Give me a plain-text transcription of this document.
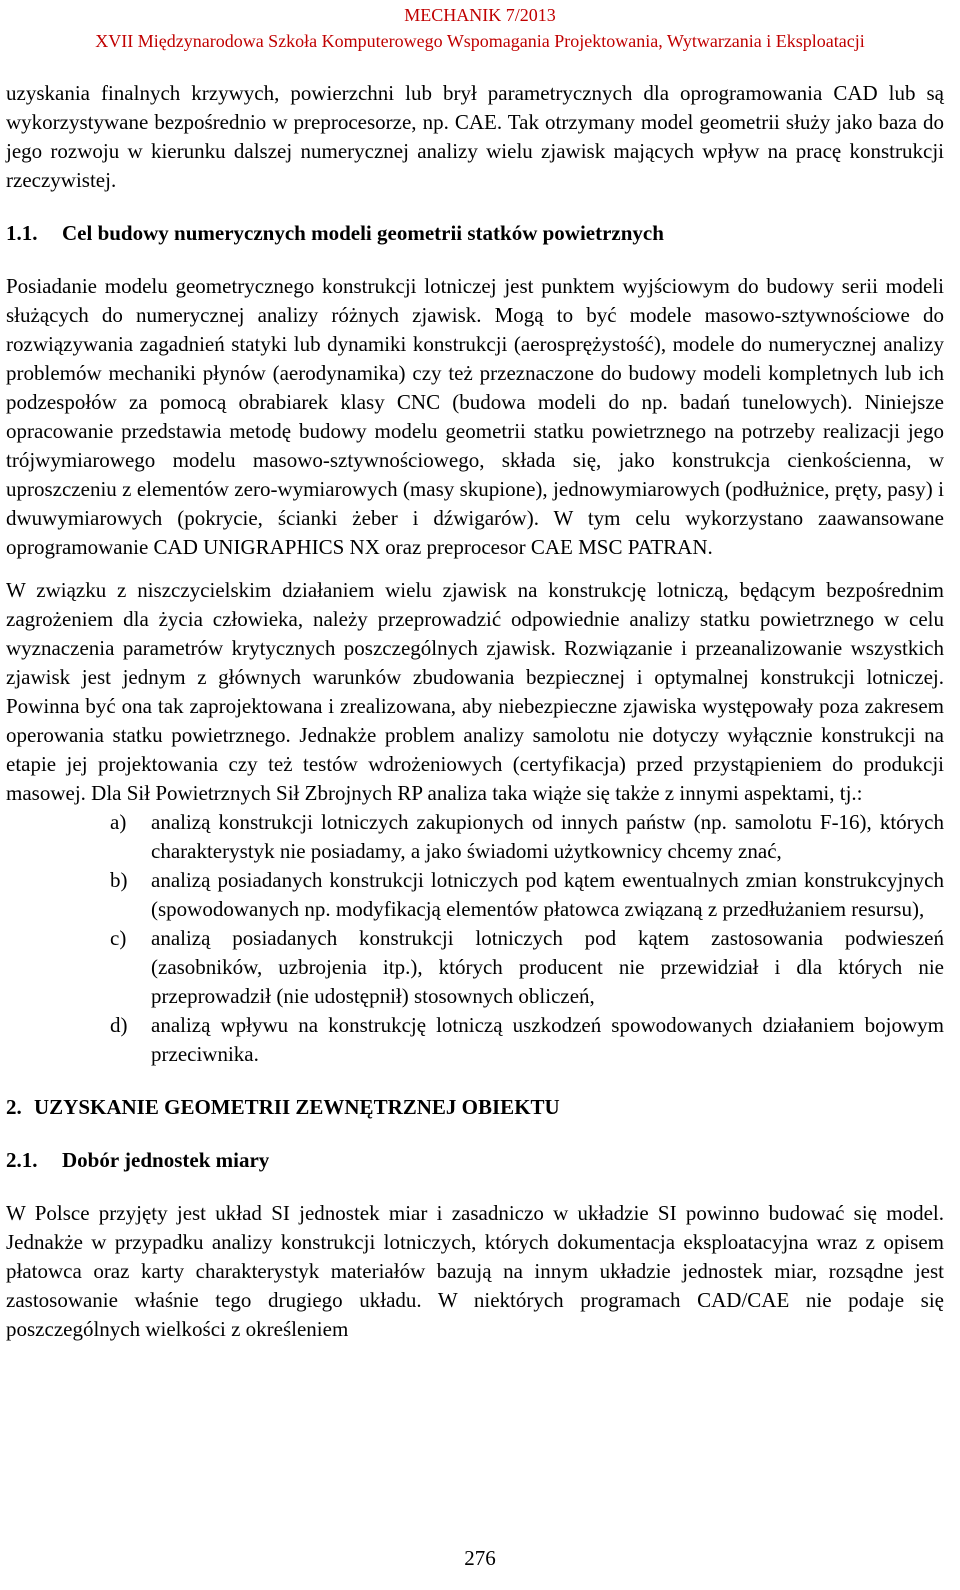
MECHANIK 7/2013
XVII Międzynarodowa Szkoła Komputerowego Wspomagania Projektowania, Wytwarzania i Eksploatacji

uzyskania finalnych krzywych, powierzchni lub brył parametrycznych dla oprogramowania CAD lub są wykorzystywane bezpośrednio w preprocesorze, np. CAE. Tak otrzymany model geometrii służy jako baza do jego rozwoju w kierunku dalszej numerycznej analizy wielu zjawisk mających wpływ na pracę konstrukcji rzeczywistej.

1.1. Cel budowy numerycznych modeli geometrii statków powietrznych

Posiadanie modelu geometrycznego konstrukcji lotniczej jest punktem wyjściowym do budowy serii modeli służących do numerycznej analizy różnych zjawisk. Mogą to być modele masowo-sztywnościowe do rozwiązywania zagadnień statyki lub dynamiki konstrukcji (aerosprężystość), modele do numerycznej analizy problemów mechaniki płynów (aerodynamika) czy też przeznaczone do budowy modeli kompletnych lub ich podzespołów za pomocą obrabiarek klasy CNC (budowa modeli do np. badań tunelowych). Niniejsze opracowanie przedstawia metodę budowy modelu geometrii statku powietrznego na potrzeby realizacji jego trójwymiarowego modelu masowo-sztywnościowego, składa się, jako konstrukcja cienkościenna, w uproszczeniu z elementów zero-wymiarowych (masy skupione), jednowymiarowych (podłużnice, pręty, pasy) i dwuwymiarowych (pokrycie, ścianki żeber i dźwigarów). W tym celu wykorzystano zaawansowane oprogramowanie CAD UNIGRAPHICS NX oraz preprocesor CAE MSC PATRAN.

W związku z niszczycielskim działaniem wielu zjawisk na konstrukcję lotniczą, będącym bezpośrednim zagrożeniem dla życia człowieka, należy przeprowadzić odpowiednie analizy statku powietrznego w celu wyznaczenia parametrów krytycznych poszczególnych zjawisk. Rozwiązanie i przeanalizowanie wszystkich zjawisk jest jednym z głównych warunków zbudowania bezpiecznej i optymalnej konstrukcji lotniczej. Powinna być ona tak zaprojektowana i zrealizowana, aby niebezpieczne zjawiska występowały poza zakresem operowania statku powietrznego. Jednakże problem analizy samolotu nie dotyczy wyłącznie konstrukcji na etapie jej projektowania czy też testów wdrożeniowych (certyfikacja) przed przystąpieniem do produkcji masowej. Dla Sił Powietrznych Sił Zbrojnych RP analiza taka wiąże się także z innymi aspektami, tj.:

a) analizą konstrukcji lotniczych zakupionych od innych państw (np. samolotu F-16), których charakterystyk nie posiadamy, a jako świadomi użytkownicy chcemy znać,
b) analizą posiadanych konstrukcji lotniczych pod kątem ewentualnych zmian konstrukcyjnych (spowodowanych np. modyfikacją elementów płatowca związaną z przedłużaniem resursu),
c) analizą posiadanych konstrukcji lotniczych pod kątem zastosowania podwieszeń (zasobników, uzbrojenia itp.), których producent nie przewidział i dla których nie przeprowadził (nie udostępnił) stosownych obliczeń,
d) analizą wpływu na konstrukcję lotniczą uszkodzeń spowodowanych działaniem bojowym przeciwnika.
2. UZYSKANIE GEOMETRII ZEWNĘTRZNEJ OBIEKTU
2.1. Dobór jednostek miary

W Polsce przyjęty jest układ SI jednostek miar i zasadniczo w układzie SI powinno budować się model. Jednakże w przypadku analizy konstrukcji lotniczych, których dokumentacja eksploatacyjna wraz z opisem płatowca oraz karty charakterystyk materiałów bazują na innym układzie jednostek miar, rozsądne jest zastosowanie właśnie tego drugiego układu. W niektórych programach CAD/CAE nie podaje się poszczególnych wielkości z określeniem

276
